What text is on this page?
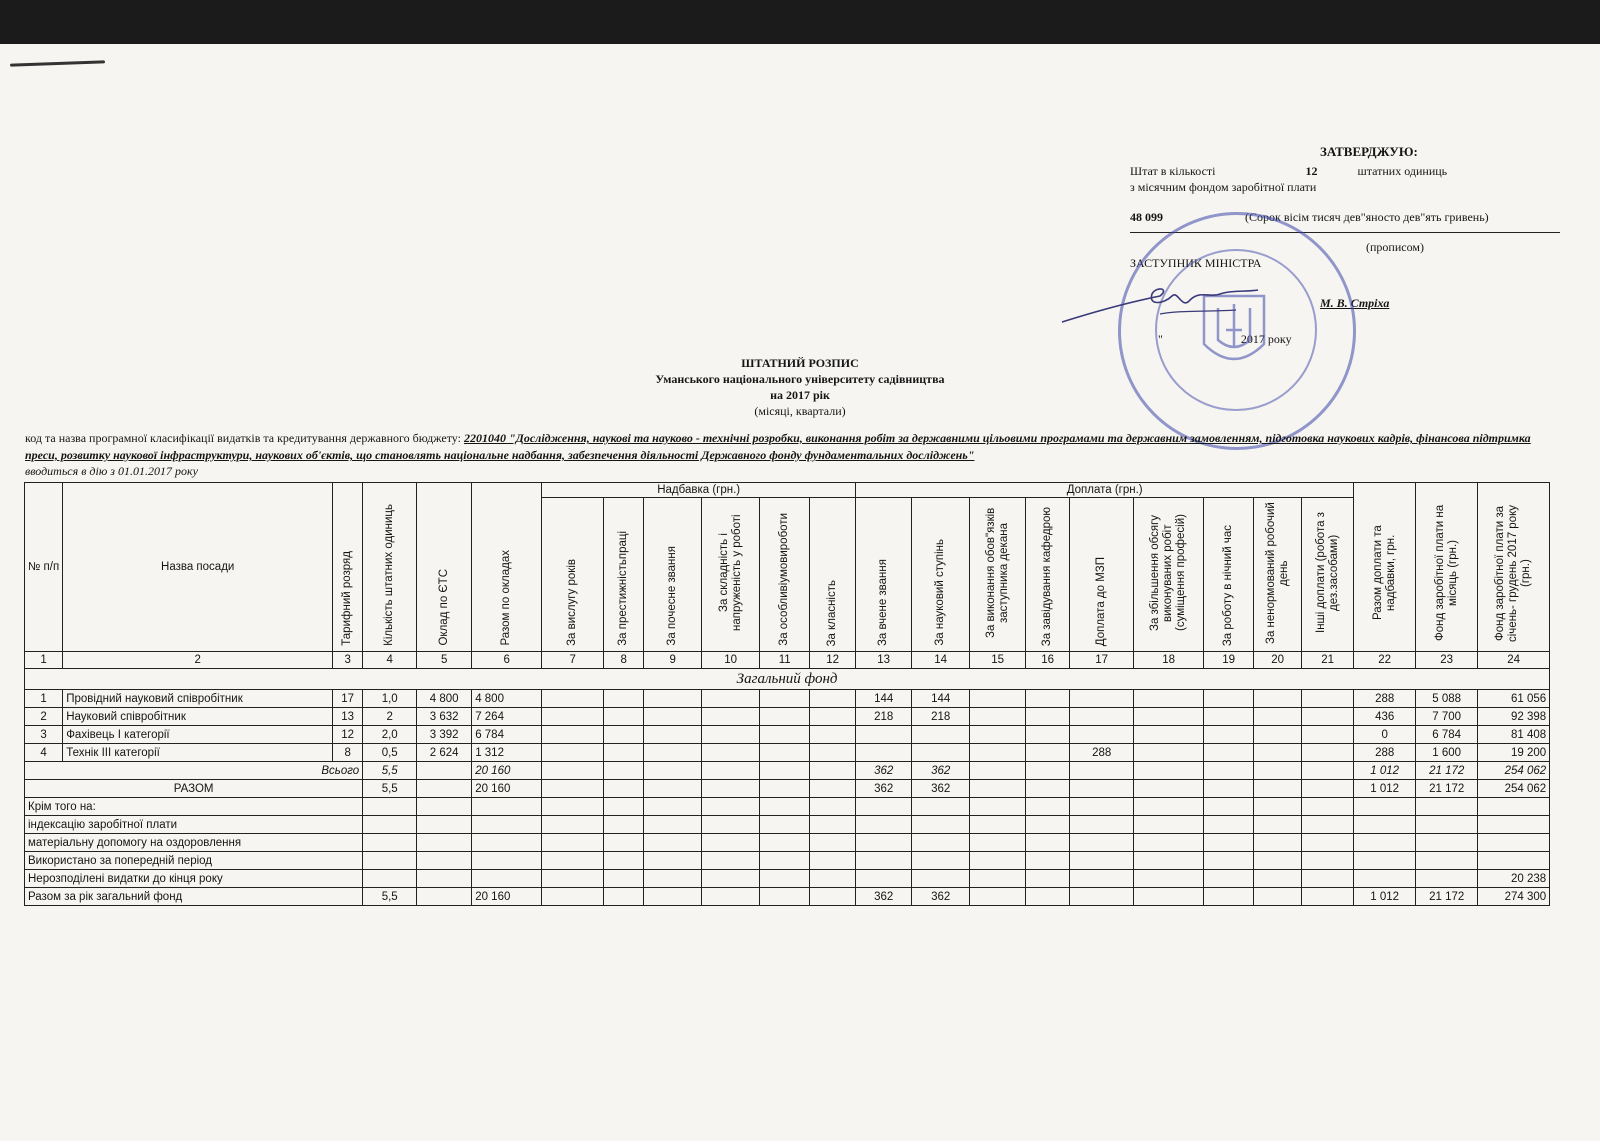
ЗАТВЕРДЖУЮ:
Штат в кількості	12	штатних одиниць
з місячним фондом заробітної плати
48 099	(Сорок вісім тисяч дев"яносто дев"ять гривень)
(прописом)
ЗАСТУПНИК МІНІСТРА
М. В. Стріха
"	2017 року
ВСЕУКРАЇНСЬКИЙ МІНІСТЕРСТВО
ШТАТНИЙ РОЗПИС
Уманського національного університету садівництва
на 2017 рік
(місяці, квартали)
код та назва програмної класифікації видатків та кредитування державного бюджету: 2201040 "Дослідження, наукові та науково - технічні розробки, виконання робіт за державними цільовими програмами та державним замовленням, підготовка наукових кадрів, фінансова підтримка преси, розвитку наукової інфраструктури, наукових об'єктів, що становлять національне надбання, забезпечення діяльності Державного фонду фундаментальних досліджень"
вводиться в дію з 01.01.2017 року
№ п/п	Назва посади	Тарифний розряд	Кількість штатних одиниць	Оклад по ЄТС	Разом по окладах	Надбавка (грн.)						Доплата (грн.)									Разом доплати та надбавки, грн.	Фонд заробітної плати на місяць (грн.)	Фонд заробітної плати за січень- грудень 2017 року (грн.)
						За вислугу років	За престижністьпраці	За почесне звання	За складність і напруженість у роботі	За особливіумовироботи	За класність	За вчене звання	За науковий ступінь	За виконання обов"язків заступника декана	За завідування кафедрою	Доплата до МЗП	За збільшення обсягу виконуваних робіт (суміщення професій)	За роботу в нічний час	За ненормований робочий день	Інші доплати (робота з дез.засобами)			
1	2	3	4	5	6	7	8	9	10	11	12	13	14	15	16	17	18	19	20	21	22	23	24
Загальний фонд																							
1	Провідний науковий співробітник	17	1,0	4 800	4 800							144	144								288	5 088	61 056
2	Науковий співробітник	13	2	3 632	7 264							218	218								436	7 700	92 398
3	Фахівець І категорії	12	2,0	3 392	6 784																0	6 784	81 408
4	Технік ІІІ категорії	8	0,5	2 624	1 312											288					288	1 600	19 200
Всього			5,5		20 160							362	362								1 012	21 172	254 062
РАЗОМ			5,5		20 160							362	362								1 012	21 172	254 062
Крім того на:																							
індексацію заробітної плати																							
матеріальну допомогу на оздоровлення																							
Використано за попередній період																							
Нерозподілені видатки до кінця року																							20 238
Разом за рік загальний фонд			5,5		20 160							362	362								1 012	21 172	274 300
